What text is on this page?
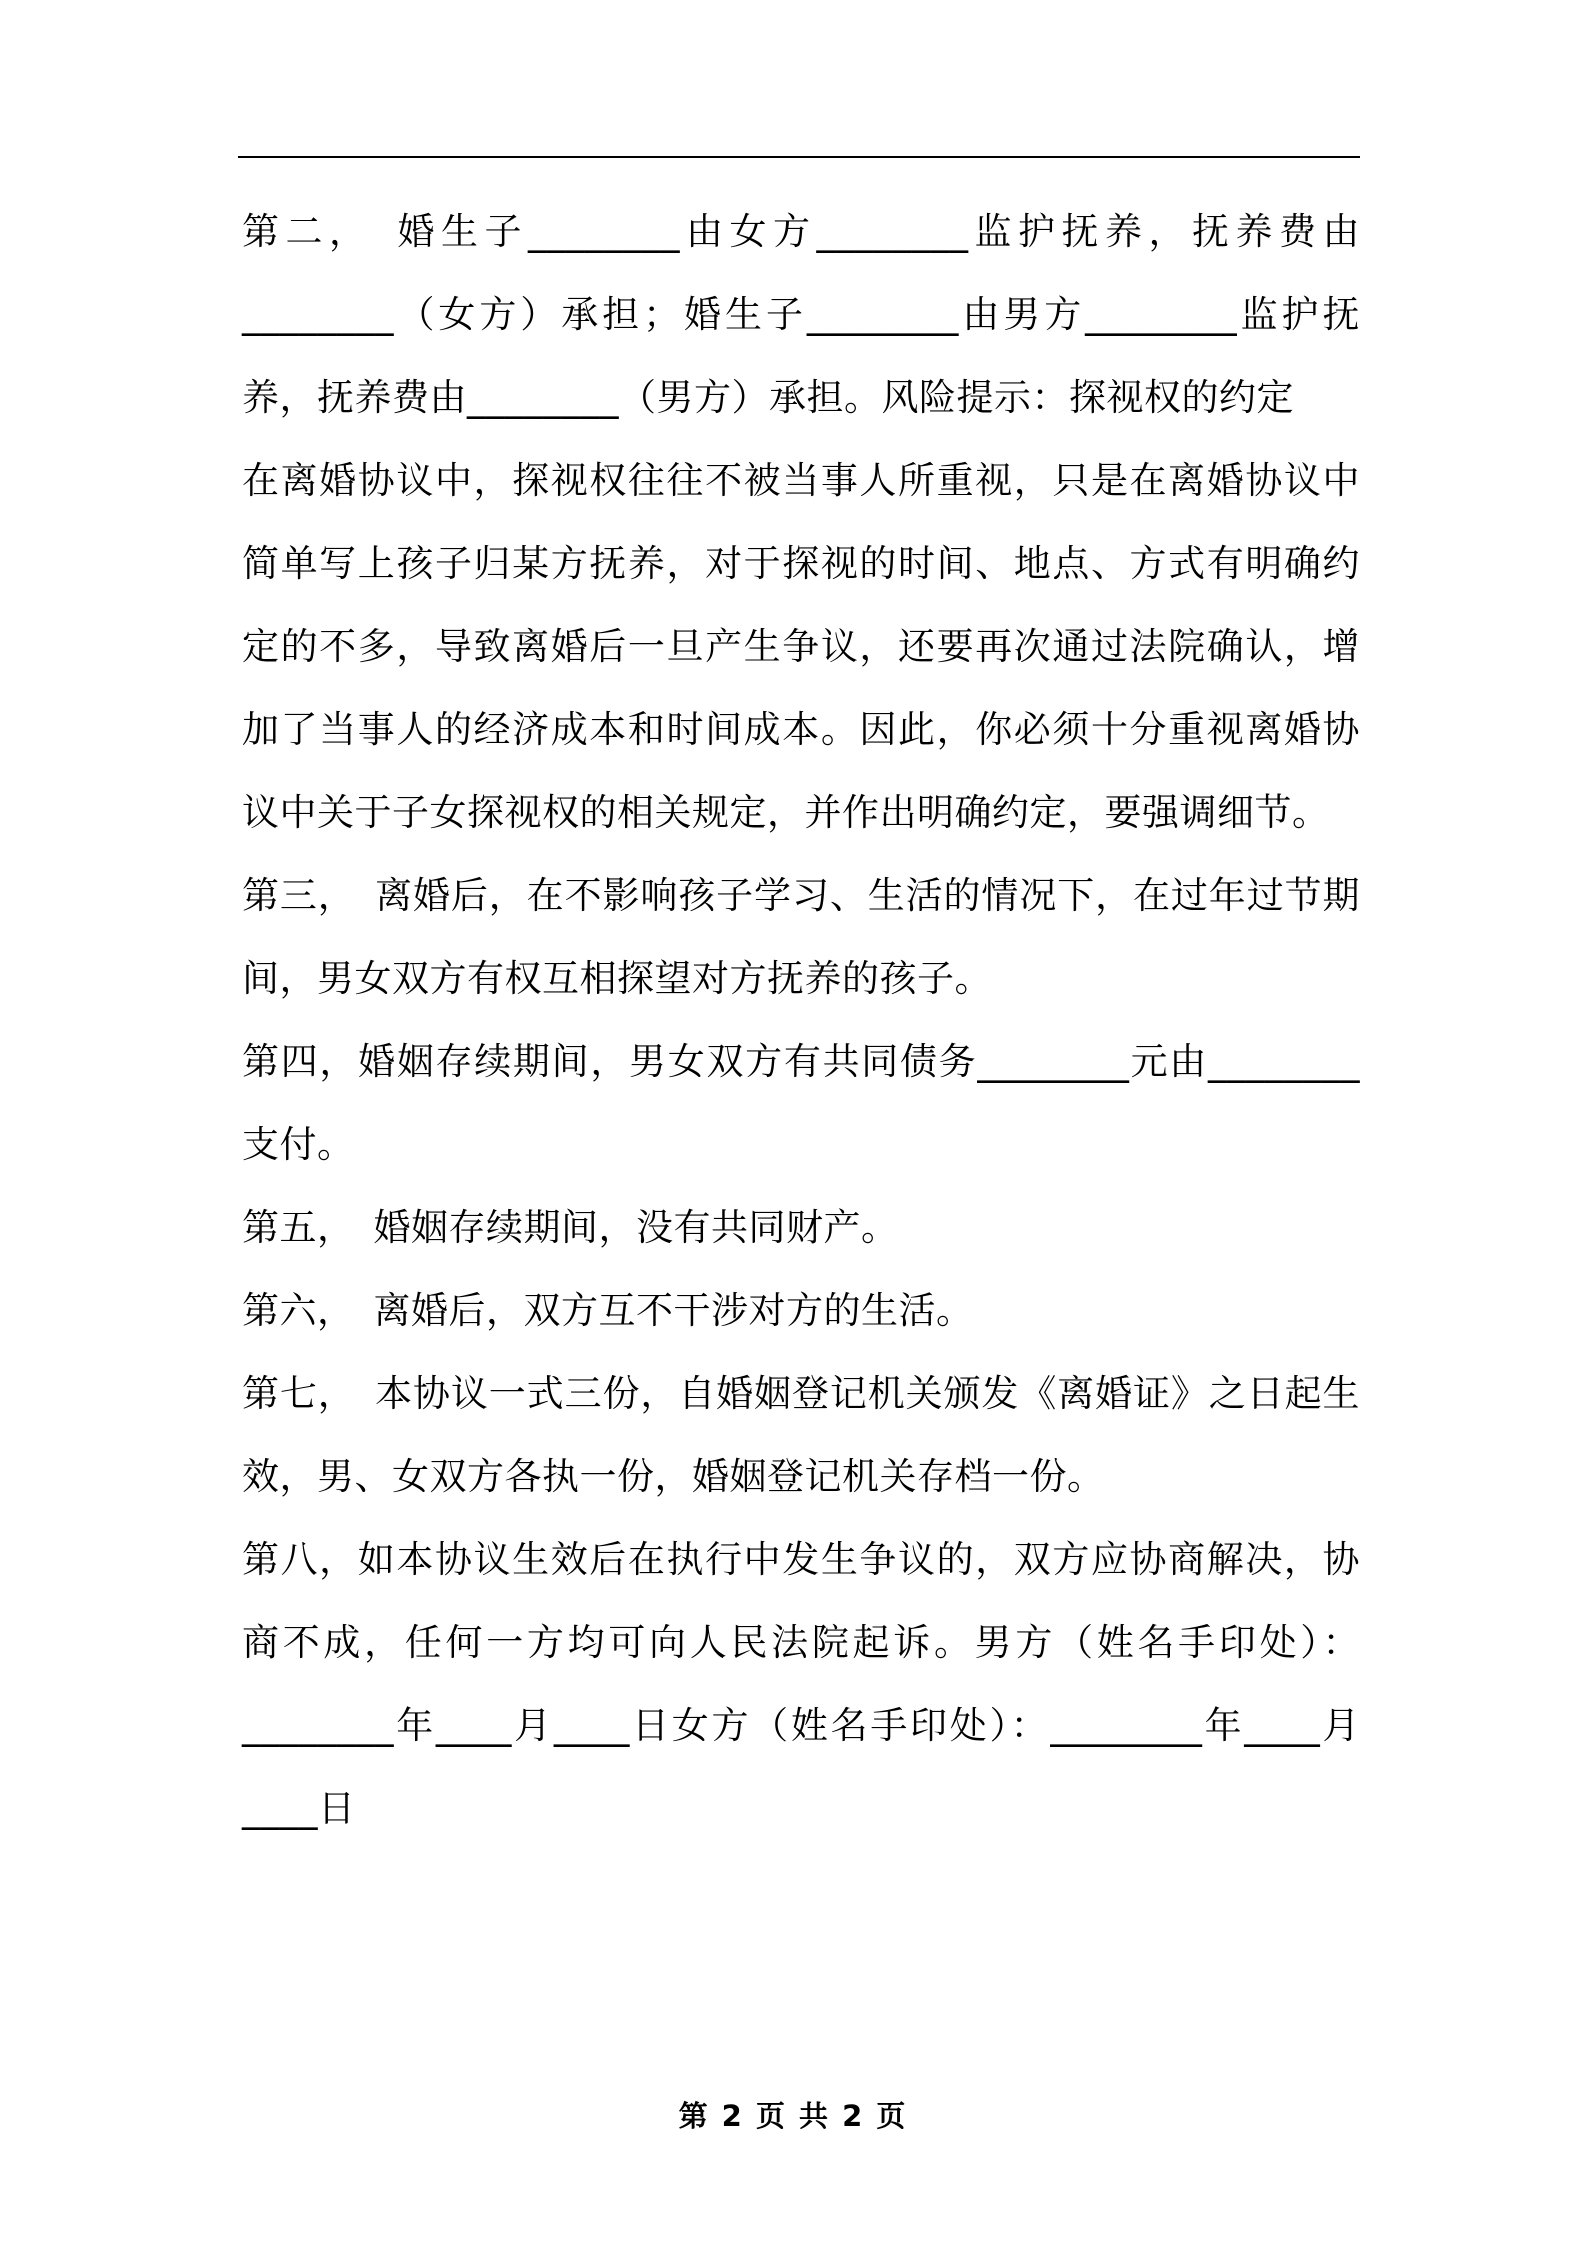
第二，　婚生子________由女方________监护抚养，抚养费由________（女方）承担；婚生子________由男方________监护抚养，抚养费由________（男方）承担。风险提示：探视权的约定

在离婚协议中，探视权往往不被当事人所重视，只是在离婚协议中简单写上孩子归某方抚养，对于探视的时间、地点、方式有明确约定的不多，导致离婚后一旦产生争议，还要再次通过法院确认，增加了当事人的经济成本和时间成本。因此，你必须十分重视离婚协议中关于子女探视权的相关规定，并作出明确约定，要强调细节。

第三，　离婚后，在不影响孩子学习、生活的情况下，在过年过节期间，男女双方有权互相探望对方抚养的孩子。

第四，婚姻存续期间，男女双方有共同债务________元由________支付。

第五，　婚姻存续期间，没有共同财产。

第六，　离婚后，双方互不干涉对方的生活。

第七，　本协议一式三份，自婚姻登记机关颁发《离婚证》之日起生效，男、女双方各执一份，婚姻登记机关存档一份。

第八，如本协议生效后在执行中发生争议的，双方应协商解决，协商不成，任何一方均可向人民法院起诉。男方（姓名手印处）：________年____月____日女方（姓名手印处）：________年____月____日

第 2 页 共 2 页
